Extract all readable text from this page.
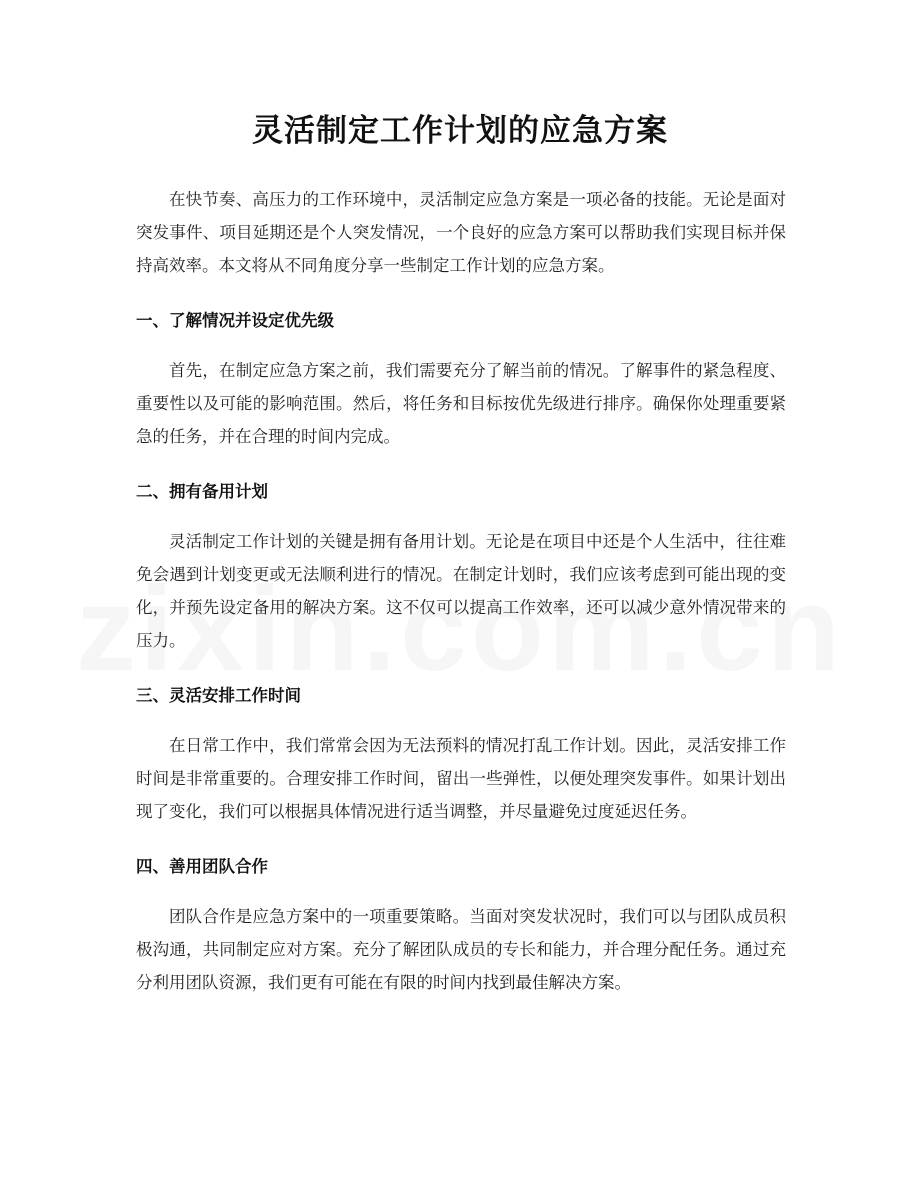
灵活制定工作计划的应急方案

在快节奏、高压力的工作环境中，灵活制定应急方案是一项必备的技能。无论是面对突发事件、项目延期还是个人突发情况，一个良好的应急方案可以帮助我们实现目标并保持高效率。本文将从不同角度分享一些制定工作计划的应急方案。

一、了解情况并设定优先级

首先，在制定应急方案之前，我们需要充分了解当前的情况。了解事件的紧急程度、重要性以及可能的影响范围。然后，将任务和目标按优先级进行排序。确保你处理重要紧急的任务，并在合理的时间内完成。

二、拥有备用计划

灵活制定工作计划的关键是拥有备用计划。无论是在项目中还是个人生活中，往往难免会遇到计划变更或无法顺利进行的情况。在制定计划时，我们应该考虑到可能出现的变化，并预先设定备用的解决方案。这不仅可以提高工作效率，还可以减少意外情况带来的压力。

三、灵活安排工作时间

在日常工作中，我们常常会因为无法预料的情况打乱工作计划。因此，灵活安排工作时间是非常重要的。合理安排工作时间，留出一些弹性，以便处理突发事件。如果计划出现了变化，我们可以根据具体情况进行适当调整，并尽量避免过度延迟任务。

四、善用团队合作

团队合作是应急方案中的一项重要策略。当面对突发状况时，我们可以与团队成员积极沟通，共同制定应对方案。充分了解团队成员的专长和能力，并合理分配任务。通过充分利用团队资源，我们更有可能在有限的时间内找到最佳解决方案。
